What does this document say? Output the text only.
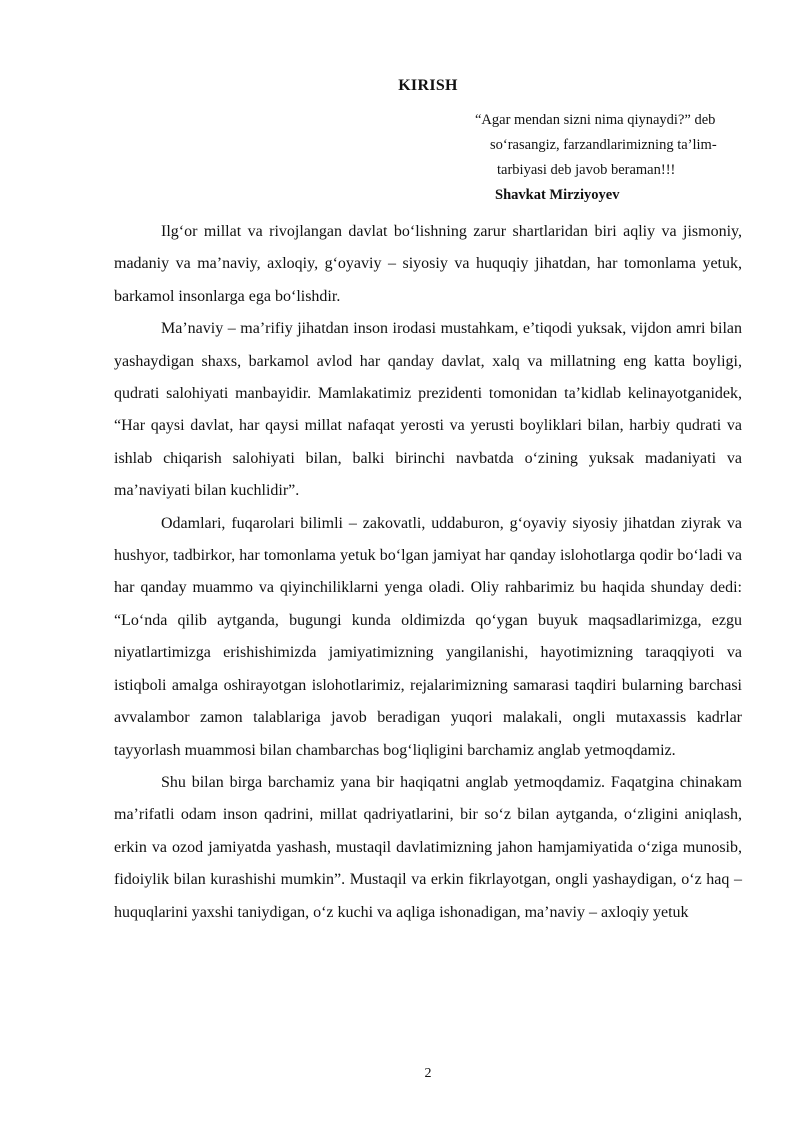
KIRISH
“Agar mendan sizni nima qiynaydi?” deb
so‘rasangiz, farzandlarimizning ta’lim-
tarbiyasi deb javob beraman!!!
Shavkat Mirziyoyev

Ilg‘or millat va rivojlangan davlat bo‘lishning zarur shartlaridan biri aqliy va jismoniy, madaniy va ma’naviy, axloqiy, g‘oyaviy – siyosiy va huquqiy jihatdan, har tomonlama yetuk, barkamol insonlarga ega bo‘lishdir.

Ma’naviy – ma’rifiy jihatdan inson irodasi mustahkam, e’tiqodi yuksak, vijdon amri bilan yashaydigan shaxs, barkamol avlod har qanday davlat, xalq va millatning eng katta boyligi, qudrati salohiyati manbayidir. Mamlakatimiz prezidenti tomonidan ta’kidlab kelinayotganidek, “Har qaysi davlat, har qaysi millat nafaqat yerosti va yerusti boyliklari bilan, harbiy qudrati va ishlab chiqarish salohiyati bilan, balki birinchi navbatda o‘zining yuksak madaniyati va ma’naviyati bilan kuchlidir”.

Odamlari, fuqarolari bilimli – zakovatli, uddaburon, g‘oyaviy siyosiy jihatdan ziyrak va hushyor, tadbirkor, har tomonlama yetuk bo‘lgan jamiyat har qanday islohotlarga qodir bo‘ladi va har qanday muammo va qiyinchiliklarni yenga oladi. Oliy rahbarimiz bu haqida shunday dedi: “Lo‘nda qilib aytganda, bugungi kunda oldimizda qo‘ygan buyuk maqsadlarimizga, ezgu niyatlartimizga erishishimizda jamiyatimizning yangilanishi, hayotimizning taraqqiyoti va istiqboli amalga oshirayotgan islohotlarimiz, rejalarimizning samarasi taqdiri bularning barchasi avvalambor zamon talablariga javob beradigan yuqori malakali, ongli mutaxassis kadrlar tayyorlash muammosi bilan chambarchas bog‘liqligini barchamiz anglab yetmoqdamiz.

Shu bilan birga barchamiz yana bir haqiqatni anglab yetmoqdamiz. Faqatgina chinakam ma’rifatli odam inson qadrini, millat qadriyatlarini, bir so‘z bilan aytganda, o‘zligini aniqlash, erkin va ozod jamiyatda yashash, mustaqil davlatimizning jahon hamjamiyatida o‘ziga munosib, fidoiylik bilan kurashishi mumkin”. Mustaqil va erkin fikrlayotgan, ongli yashaydigan, o‘z haq – huquqlarini yaxshi taniydigan, o‘z kuchi va aqliga ishonadigan, ma’naviy – axloqiy yetuk

2
